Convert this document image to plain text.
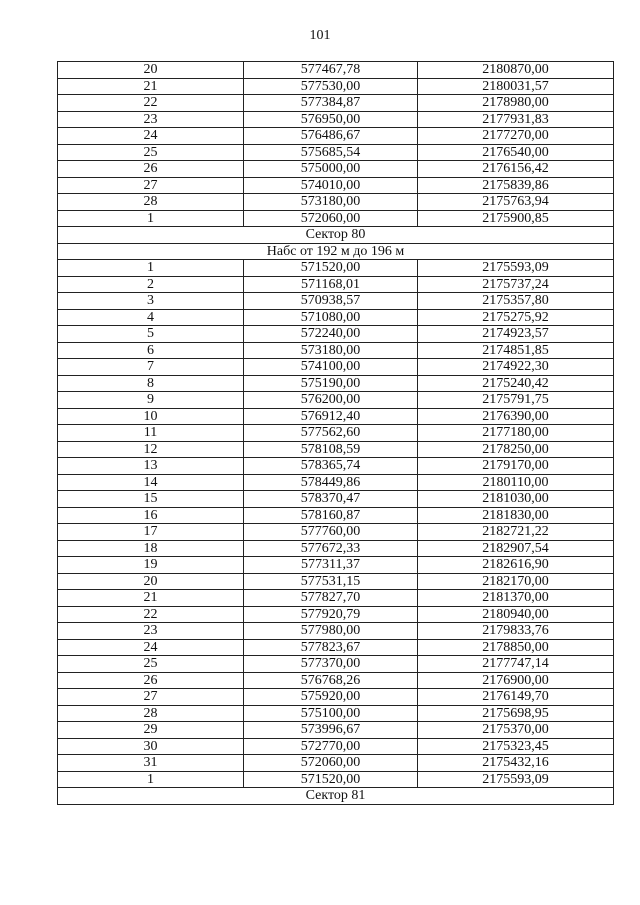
101
20	577467,78	2180870,00
21	577530,00	2180031,57
22	577384,87	2178980,00
23	576950,00	2177931,83
24	576486,67	2177270,00
25	575685,54	2176540,00
26	575000,00	2176156,42
27	574010,00	2175839,86
28	573180,00	2175763,94
1	572060,00	2175900,85
Сектор 80		
Набс от 192 м до 196 м		
1	571520,00	2175593,09
2	571168,01	2175737,24
3	570938,57	2175357,80
4	571080,00	2175275,92
5	572240,00	2174923,57
6	573180,00	2174851,85
7	574100,00	2174922,30
8	575190,00	2175240,42
9	576200,00	2175791,75
10	576912,40	2176390,00
11	577562,60	2177180,00
12	578108,59	2178250,00
13	578365,74	2179170,00
14	578449,86	2180110,00
15	578370,47	2181030,00
16	578160,87	2181830,00
17	577760,00	2182721,22
18	577672,33	2182907,54
19	577311,37	2182616,90
20	577531,15	2182170,00
21	577827,70	2181370,00
22	577920,79	2180940,00
23	577980,00	2179833,76
24	577823,67	2178850,00
25	577370,00	2177747,14
26	576768,26	2176900,00
27	575920,00	2176149,70
28	575100,00	2175698,95
29	573996,67	2175370,00
30	572770,00	2175323,45
31	572060,00	2175432,16
1	571520,00	2175593,09
Сектор 81		
